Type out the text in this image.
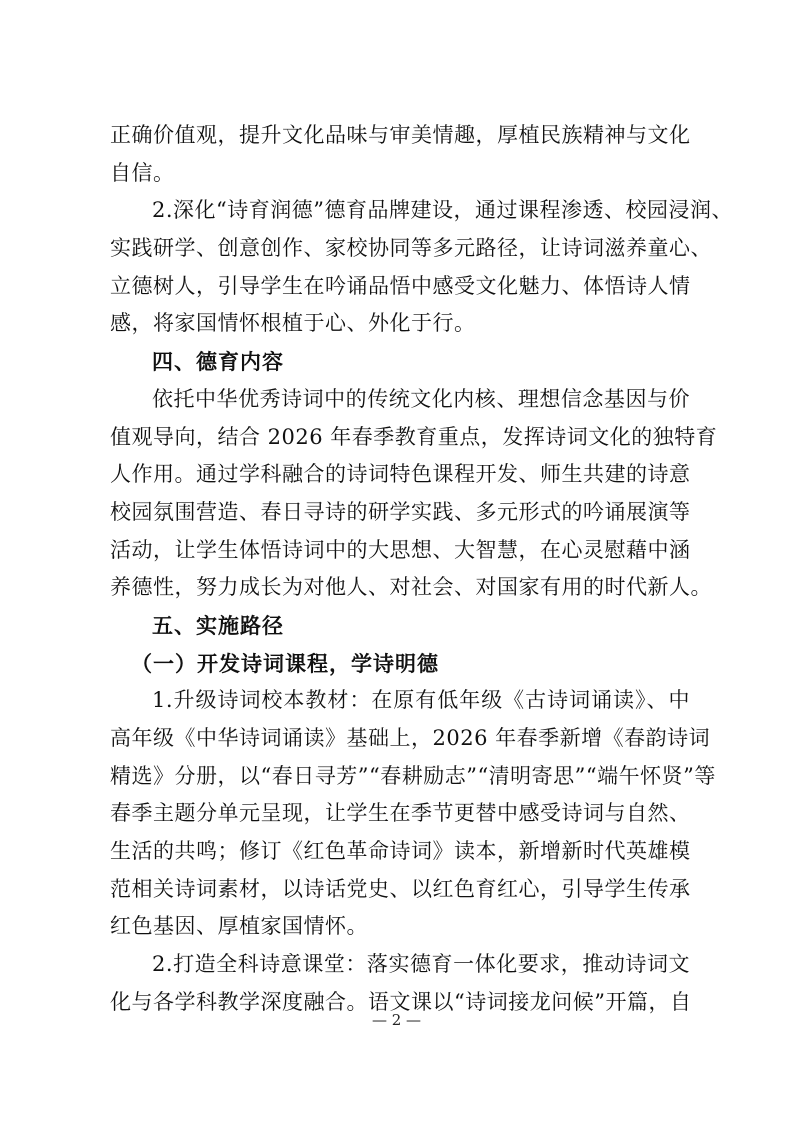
正确价值观，提升文化品味与审美情趣，厚植民族精神与文化
自信。
2.深化“诗育润德”德育品牌建设，通过课程渗透、校园浸润、
实践研学、创意创作、家校协同等多元路径，让诗词滋养童心、
立德树人，引导学生在吟诵品悟中感受文化魅力、体悟诗人情
感，将家国情怀根植于心、外化于行。
四、德育内容
依托中华优秀诗词中的传统文化内核、理想信念基因与价
值观导向，结合 2026 年春季教育重点，发挥诗词文化的独特育
人作用。通过学科融合的诗词特色课程开发、师生共建的诗意
校园氛围营造、春日寻诗的研学实践、多元形式的吟诵展演等
活动，让学生体悟诗词中的大思想、大智慧，在心灵慰藉中涵
养德性，努力成长为对他人、对社会、对国家有用的时代新人。
五、实施路径
（一）开发诗词课程，学诗明德
1.升级诗词校本教材：在原有低年级《古诗词诵读》、中
高年级《中华诗词诵读》基础上，2026 年春季新增《春韵诗词
精选》分册，以“春日寻芳”“春耕励志”“清明寄思”“端午怀贤”等
春季主题分单元呈现，让学生在季节更替中感受诗词与自然、
生活的共鸣；修订《红色革命诗词》读本，新增新时代英雄模
范相关诗词素材，以诗话党史、以红色育红心，引导学生传承
红色基因、厚植家国情怀。
2.打造全科诗意课堂：落实德育一体化要求，推动诗词文
化与各学科教学深度融合。语文课以“诗词接龙问候”开篇，自
— 2 —
